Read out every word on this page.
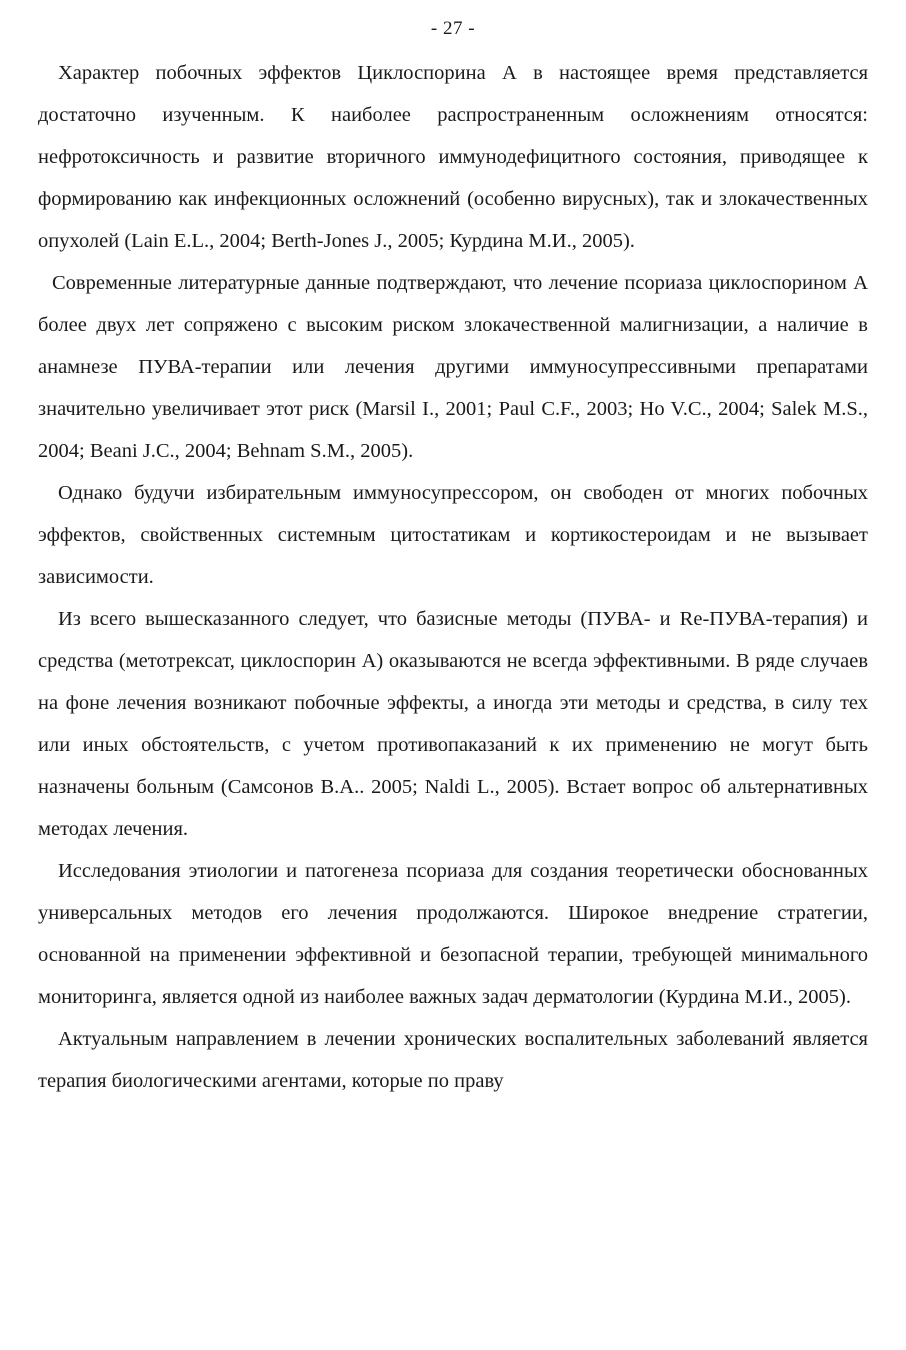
- 27 -

Характер побочных эффектов Циклоспорина А в настоящее время представляется достаточно изученным. К наиболее распространенным осложнениям относятся: нефротоксичность и развитие вторичного иммунодефицитного состояния, приводящее к формированию как инфекционных осложнений (особенно вирусных), так и злокачественных опухолей (Lain E.L., 2004; Berth-Jones J., 2005; Курдина М.И., 2005).

Современные литературные данные подтверждают, что лечение псориаза циклоспорином А более двух лет сопряжено с высоким риском злокачественной малигнизации, а наличие в анамнезе ПУВА-терапии или лечения другими иммуносупрессивными препаратами значительно увеличивает этот риск (Marsil I., 2001; Paul C.F., 2003; Ho V.C., 2004; Salek M.S., 2004; Beani J.C., 2004; Behnam S.M., 2005).

Однако будучи избирательным иммуносупрессором, он свободен от многих побочных эффектов, свойственных системным цитостатикам и кортикостероидам и не вызывает зависимости.

Из всего вышесказанного следует, что базисные методы (ПУВА- и Re-ПУВА-терапия) и средства (метотрексат, циклоспорин А) оказываются не всегда эффективными. В ряде случаев на фоне лечения возникают побочные эффекты, а иногда эти методы и средства, в силу тех или иных обстоятельств, с учетом противопаказаний к их применению не могут быть назначены больным (Самсонов В.А.. 2005; Naldi L., 2005). Встает вопрос об альтернативных методах лечения.

Исследования этиологии и патогенеза псориаза для создания теоретически обоснованных универсальных методов его лечения продолжаются. Широкое внедрение стратегии, основанной на применении эффективной и безопасной терапии, требующей минимального мониторинга, является одной из наиболее важных задач дерматологии (Курдина М.И., 2005).

Актуальным направлением в лечении хронических воспалительных заболеваний является терапия биологическими агентами, которые по праву
